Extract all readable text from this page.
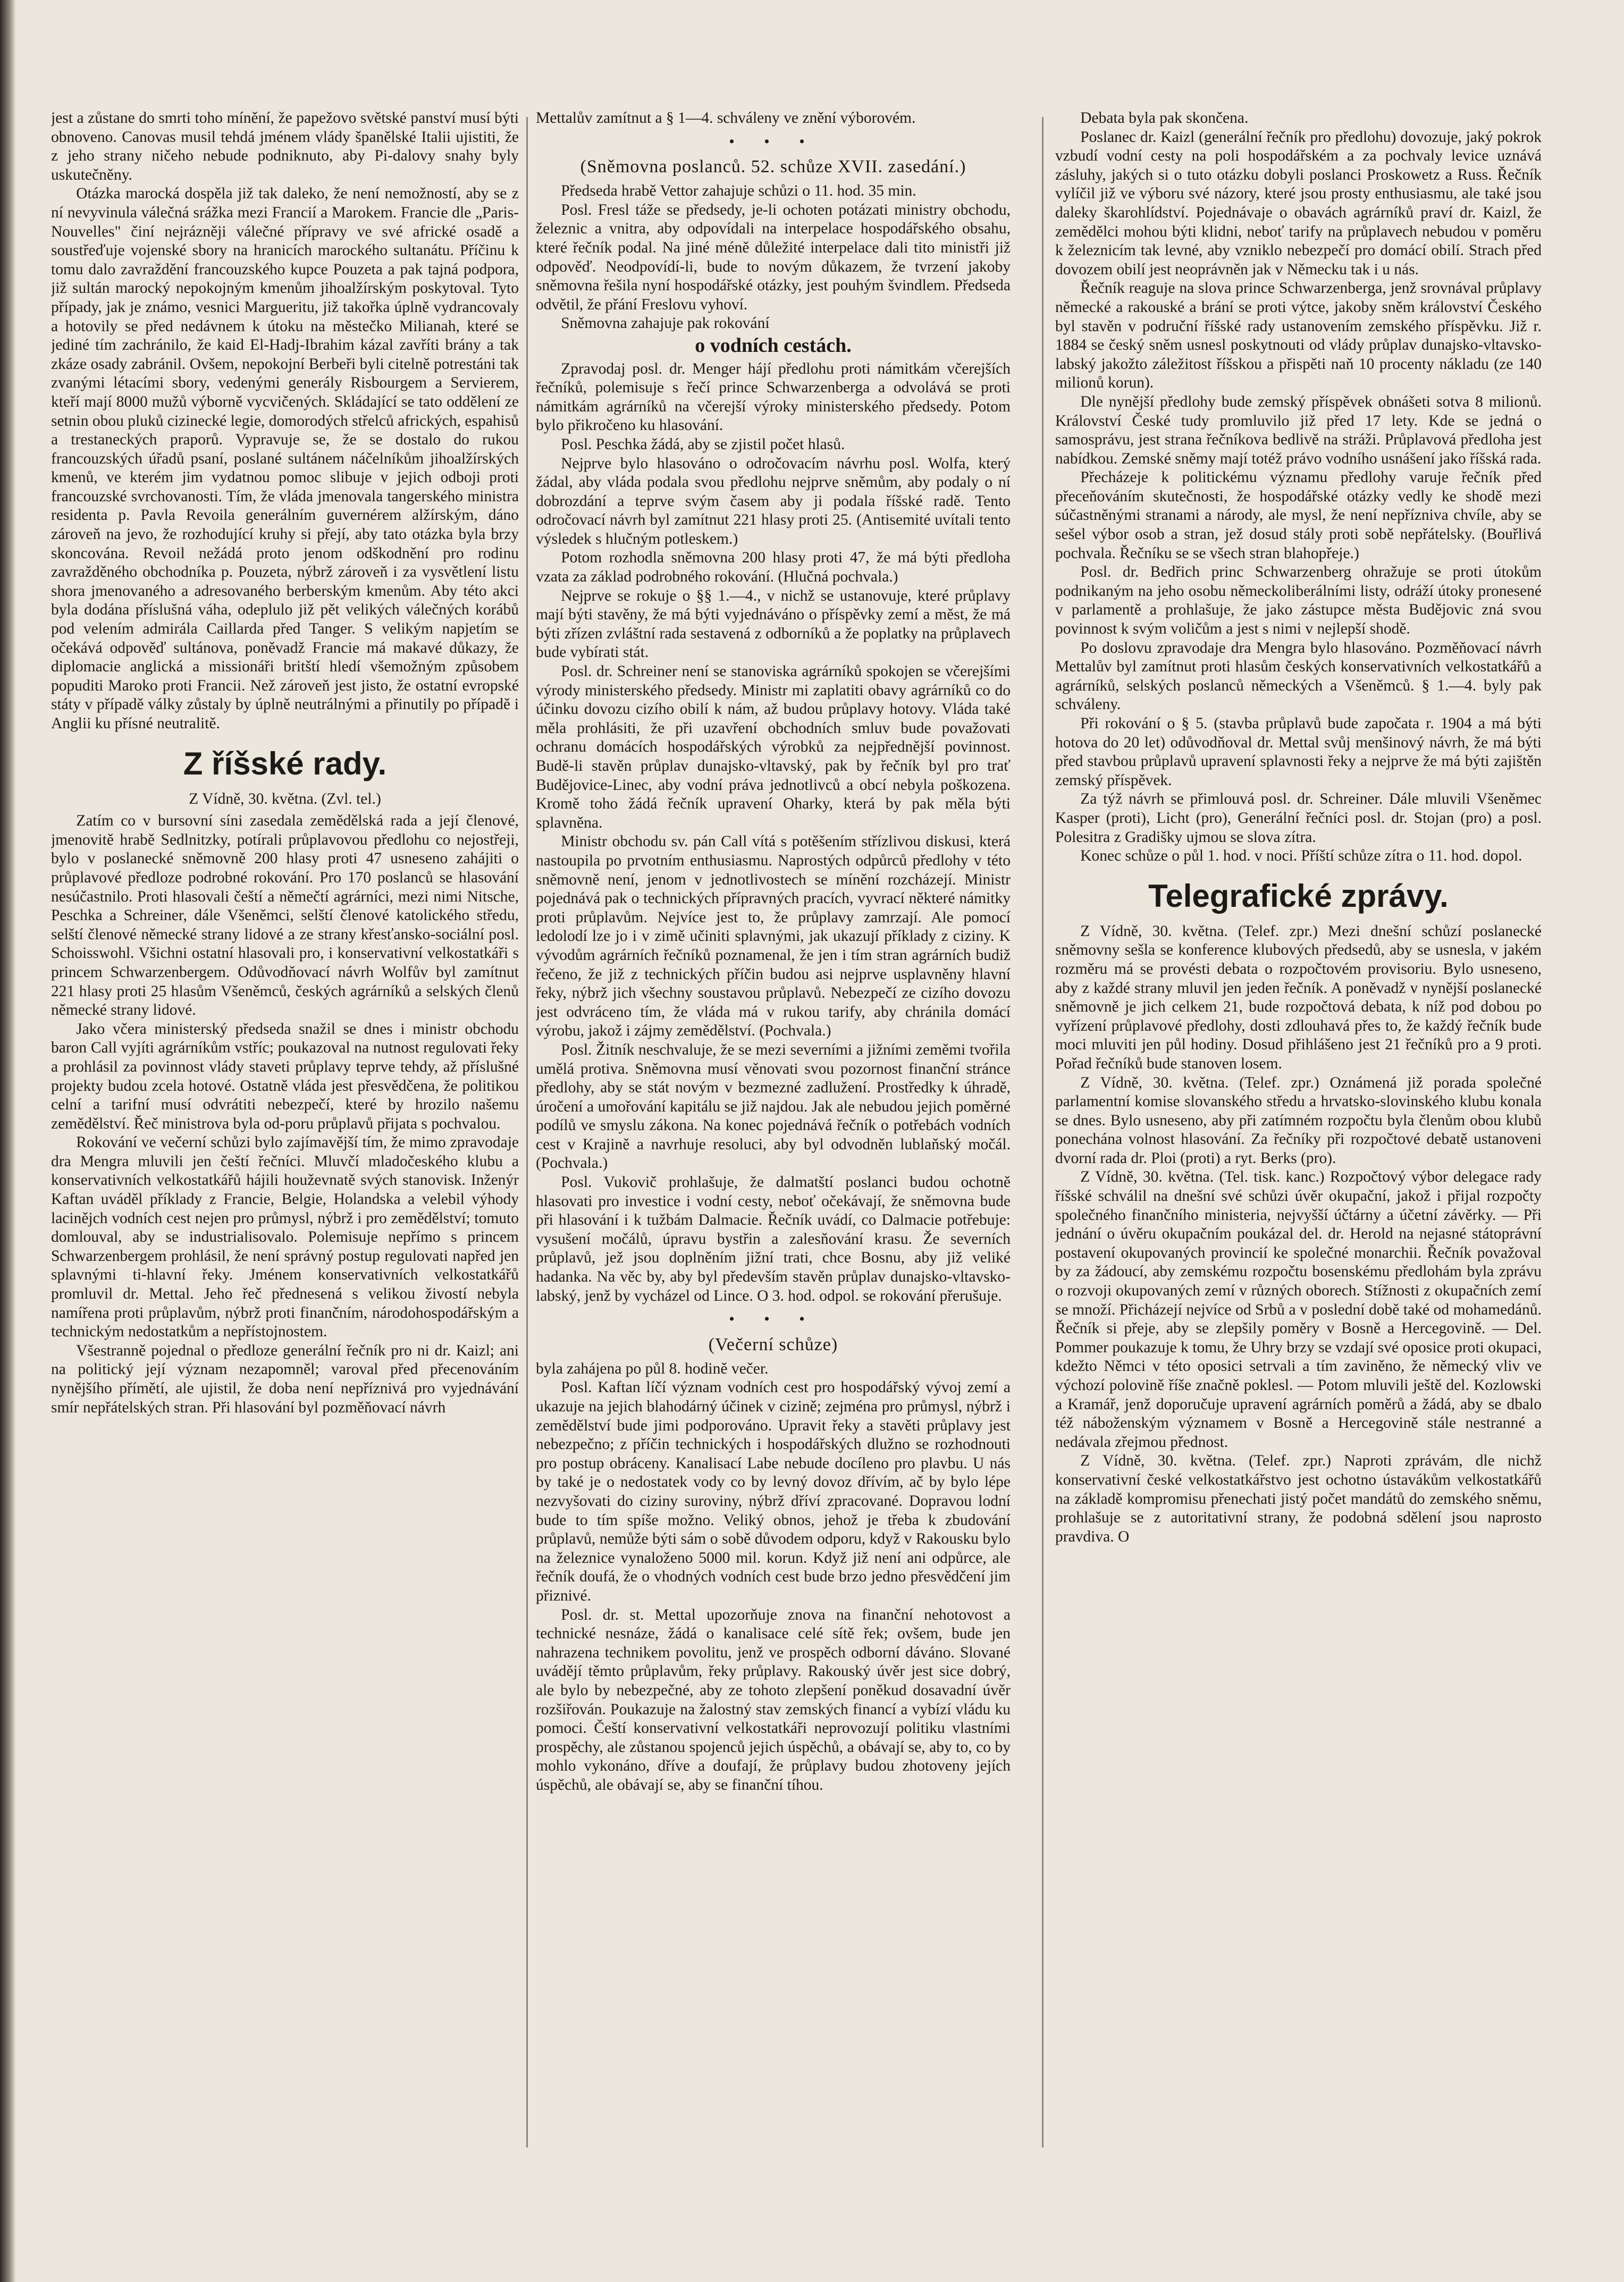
jest a zůstane do smrti toho mínění, že papežovo světské panství musí býti obnoveno. Canovas musil tehdá jménem vlády španělské Italii ujistiti, že z jeho strany ničeho nebude podniknuto, aby Pi-dalovy snahy byly uskutečněny.

Otázka marocká dospěla již tak daleko, že není nemožností, aby se z ní nevyvinula válečná srážka mezi Francií a Marokem. Francie dle „Paris-Nouvelles" činí nejrázněji válečné přípravy ve své africké osadě a soustřeďuje vojenské sbory na hranicích marockého sultanátu. Příčinu k tomu dalo zavraždění francouzského kupce Pouzeta a pak tajná podpora, již sultán marocký nepokojným kmenům jihoalžírským poskytoval. Tyto případy, jak je známo, vesnici Margueritu, již takořka úplně vydrancovaly a hotovily se před nedávnem k útoku na městečko Milianah, které se jediné tím zachránilo, že kaid El-Hadj-Ibrahim kázal zavříti brány a tak zkáze osady zabránil. Ovšem, nepokojní Berbeři byli citelně potrestáni tak zvanými létacími sbory, vedenými generály Risbourgem a Servierem, kteří mají 8000 mužů výborně vycvičených. Skládající se tato oddělení ze setnin obou pluků cizinecké legie, domorodých střelců afrických, espahisů a trestaneckých praporů. Vypravuje se, že se dostalo do rukou francouzských úřadů psaní, poslané sultánem náčelníkům jihoalžírských kmenů, ve kterém jim vydatnou pomoc slibuje v jejich odboji proti francouzské svrchovanosti. Tím, že vláda jmenovala tangerského ministra residenta p. Pavla Revoila generálním guvernérem alžírským, dáno zároveň na jevo, že rozhodující kruhy si přejí, aby tato otázka byla brzy skoncována. Revoil nežádá proto jenom odškodnění pro rodinu zavražděného obchodníka p. Pouzeta, nýbrž zároveň i za vysvětlení listu shora jmenovaného a adresovaného berberským kmenům. Aby této akci byla dodána příslušná váha, odeplulo již pět velikých válečných korábů pod velením admirála Caillarda před Tanger. S velikým napjetím se očekává odpověď sultánova, poněvadž Francie má makavé důkazy, že diplomacie anglická a missionáři britští hledí všemožným způsobem popuditi Maroko proti Francii. Než zároveň jest jisto, že ostatní evropské státy v případě války zůstaly by úplně neutrálnými a přinutily po případě i Anglii ku přísné neutralitě.

Z říšské rady.
Z Vídně, 30. května. (Zvl. tel.)

Zatím co v bursovní síni zasedala zemědělská rada a její členové, jmenovitě hrabě Sedlnitzky, potírali průplavovou předlohu co nejostřeji, bylo v poslanecké sněmovně 200 hlasy proti 47 usneseno zahájiti o průplavové předloze podrobné rokování. Pro 170 poslanců se hlasování nesúčastnilo. Proti hlasovali čeští a němečtí agrárníci, mezi nimi Nitsche, Peschka a Schreiner, dále Všeněmci, selští členové katolického středu, selští členové německé strany lidové a ze strany křesťansko-sociální posl. Schoisswohl. Všichni ostatní hlasovali pro, i konservativní velkostatkáři s princem Schwarzenbergem. Odůvodňovací návrh Wolfův byl zamítnut 221 hlasy proti 25 hlasům Všeněmců, českých agrárníků a selských členů německé strany lidové.

Jako včera ministerský předseda snažil se dnes i ministr obchodu baron Call vyjíti agrárníkům vstříc; poukazoval na nutnost regulovati řeky a prohlásil za povinnost vlády staveti průplavy teprve tehdy, až příslušné projekty budou zcela hotové. Ostatně vláda jest přesvědčena, že politikou celní a tarifní musí odvrátiti nebezpečí, které by hrozilo našemu zemědělství. Řeč ministrova byla od-poru průplavů přijata s pochvalou.

Rokování ve večerní schůzi bylo zajímavější tím, že mimo zpravodaje dra Mengra mluvili jen čeští řečníci. Mluvčí mladočeského klubu a konservativních velkostatkářů hájili houževnatě svých stanovisk. Inženýr Kaftan uváděl příklady z Francie, Belgie, Holandska a velebil výhody lacinějch vodních cest nejen pro průmysl, nýbrž i pro zemědělství; tomuto domlouval, aby se industrialisovalo. Polemisuje nepřímo s princem Schwarzenbergem prohlásil, že není správný postup regulovati napřed jen splavnými ti-hlavní řeky. Jménem konservativních velkostatkářů promluvil dr. Mettal. Jeho řeč přednesená s velikou živostí nebyla namířena proti průplavům, nýbrž proti finančním, národohospodářským a technickým nedostatkům a nepřístojnostem.

Všestranně pojednal o předloze generální řečník pro ni dr. Kaizl; ani na politický její význam nezapomněl; varoval před přecenováním nynějšího přímětí, ale ujistil, že doba není nepříznivá pro vyjednávání smír nepřátelských stran. Při hlasování byl pozměňovací návrh

Mettalův zamítnut a § 1—4. schváleny ve znění výborovém.

• • •
(Sněmovna poslanců. 52. schůze XVII. zasedání.)

Předseda hrabě Vettor zahajuje schůzi o 11. hod. 35 min.

Posl. Fresl táže se předsedy, je-li ochoten potázati ministry obchodu, železnic a vnitra, aby odpovídali na interpelace hospodářského obsahu, které řečník podal. Na jiné méně důležité interpelace dali tito ministři již odpověď. Neodpovídí-li, bude to novým důkazem, že tvrzení jakoby sněmovna řešila nyní hospodářské otázky, jest pouhým švindlem. Předseda odvětil, že přání Freslovu vyhoví.

Sněmovna zahajuje pak rokování

o vodních cestách.

Zpravodaj posl. dr. Menger hájí předlohu proti námitkám včerejších řečníků, polemisuje s řečí prince Schwarzenberga a odvolává se proti námitkám agrárníků na včerejší výroky ministerského předsedy. Potom bylo přikročeno ku hlasování.

Posl. Peschka žádá, aby se zjistil počet hlasů.

Nejprve bylo hlasováno o odročovacím návrhu posl. Wolfa, který žádal, aby vláda podala svou předlohu nejprve sněmům, aby podaly o ní dobrozdání a teprve svým časem aby ji podala říšské radě. Tento odročovací návrh byl zamítnut 221 hlasy proti 25. (Antisemité uvítali tento výsledek s hlučným potleskem.)

Potom rozhodla sněmovna 200 hlasy proti 47, že má býti předloha vzata za základ podrobného rokování. (Hlučná pochvala.)

Nejprve se rokuje o §§ 1.—4., v nichž se ustanovuje, které průplavy mají býti stavěny, že má býti vyjednáváno o příspěvky zemí a měst, že má býti zřízen zvláštní rada sestavená z odborníků a že poplatky na průplavech bude vybírati stát.

Posl. dr. Schreiner není se stanoviska agrárníků spokojen se včerejšími výrody ministerského předsedy. Ministr mi zaplatiti obavy agrárníků co do účinku dovozu cizího obilí k nám, až budou průplavy hotovy. Vláda také měla prohlásiti, že při uzavření obchodních smluv bude považovati ochranu domácích hospodářských výrobků za nejpřednější povinnost. Budě-li stavěn průplav dunajsko-vltavský, pak by řečník byl pro trať Budějovice-Linec, aby vodní práva jednotlivců a obcí nebyla poškozena. Kromě toho žádá řečník upravení Oharky, která by pak měla býti splavněna.

Ministr obchodu sv. pán Call vítá s potěšením střízlivou diskusi, která nastoupila po prvotním enthusiasmu. Naprostých odpůrců předlohy v této sněmovně není, jenom v jednotlivostech se mínění rozcházejí. Ministr pojednává pak o technických přípravných pracích, vyvrací některé námitky proti průplavům. Nejvíce jest to, že průplavy zamrzají. Ale pomocí ledolodí lze jo i v zimě učiniti splavnými, jak ukazují příklady z ciziny. K vývodům agrárních řečníků poznamenal, že jen i tím stran agrárních budiž řečeno, že již z technických příčin budou asi nejprve usplavněny hlavní řeky, nýbrž jich všechny soustavou průplavů. Nebezpečí ze cizího dovozu jest odvráceno tím, že vláda má v rukou tarify, aby chránila domácí výrobu, jakož i zájmy zemědělství. (Pochvala.)

Posl. Žitník neschvaluje, že se mezi severními a jižními zeměmi tvořila umělá protiva. Sněmovna musí věnovati svou pozornost finanční stránce předlohy, aby se stát novým v bezmezné zadlužení. Prostředky k úhradě, úročení a umořování kapitálu se již najdou. Jak ale nebudou jejich poměrné podílů ve smyslu zákona. Na konec pojednává řečník o potřebách vodních cest v Krajině a navrhuje resoluci, aby byl odvodněn lublaňský močál. (Pochvala.)

Posl. Vukovič prohlašuje, že dalmatští poslanci budou ochotně hlasovati pro investice i vodní cesty, neboť očekávají, že sněmovna bude při hlasování i k tužbám Dalmacie. Řečník uvádí, co Dalmacie potřebuje: vysušení močálů, úpravu bystřin a zalesňování krasu. Že severních průplavů, jež jsou doplněním jižní trati, chce Bosnu, aby již veliké hadanka. Na věc by, aby byl především stavěn průplav dunajsko-vltavsko-labský, jenž by vycházel od Lince. O 3. hod. odpol. se rokování přerušuje.

• • •
(Večerní schůze)

byla zahájena po půl 8. hodině večer.

Posl. Kaftan líčí význam vodních cest pro hospodářský vývoj zemí a ukazuje na jejich blahodárný účinek v cizině; zejména pro průmysl, nýbrž i zemědělství bude jimi podporováno. Upravit řeky a stavěti průplavy jest nebezpečno; z příčin technických i hospodářských dlužno se rozhodnouti pro postup obráceny. Kanalisací Labe nebude docíleno pro plavbu. U nás by také je o nedostatek vody co by levný dovoz dřívím, ač by bylo lépe nezvyšovati do ciziny suroviny, nýbrž dříví zpracované. Dopravou lodní bude to tím spíše možno. Veliký obnos, jehož je třeba k zbudování průplavů, nemůže býti sám o sobě důvodem odporu, když v Rakousku bylo na železnice vynaloženo 5000 mil. korun. Když již není ani odpůrce, ale řečník doufá, že o vhodných vodních cest bude brzo jedno přesvědčení jim přiznivé.

Posl. dr. st. Mettal upozorňuje znova na finanční nehotovost a technické nesnáze, žádá o kanalisace celé sítě řek; ovšem, bude jen nahrazena technikem povolitu, jenž ve prospěch odborní dáváno. Slované uvádějí těmto průplavům, řeky průplavy. Rakouský úvěr jest sice dobrý, ale bylo by nebezpečné, aby ze tohoto zlepšení poněkud dosavadní úvěr rozšiřován. Poukazuje na žalostný stav zemských financí a vybízí vládu ku pomoci. Čeští konservativní velkostatkáři neprovozují politiku vlastními prospěchy, ale zůstanou spojenců jejich úspěchů, a obávají se, aby to, co by mohlo vykonáno, dříve a doufají, že průplavy budou zhotoveny jejích úspěchů, ale obávají se, aby se finanční tíhou.

Debata byla pak skončena.

Poslanec dr. Kaizl (generální řečník pro předlohu) dovozuje, jaký pokrok vzbudí vodní cesty na poli hospodářském a za pochvaly levice uznává zásluhy, jakých si o tuto otázku dobyli poslanci Proskowetz a Russ. Řečník vylíčil již ve výboru své názory, které jsou prosty enthusiasmu, ale také jsou daleky škarohlídství. Pojednávaje o obavách agrárníků praví dr. Kaizl, že zemědělci mohou býti klidni, neboť tarify na průplavech nebudou v poměru k železnicím tak levné, aby vzniklo nebezpečí pro domácí obilí. Strach před dovozem obilí jest neoprávněn jak v Německu tak i u nás.

Řečník reaguje na slova prince Schwarzenberga, jenž srovnával průplavy německé a rakouské a brání se proti výtce, jakoby sněm království Českého byl stavěn v područní říšské rady ustanovením zemského příspěvku. Již r. 1884 se český sněm usnesl poskytnouti od vlády průplav dunajsko-vltavsko-labský jakožto záležitost říšskou a přispěti naň 10 procenty nákladu (ze 140 milionů korun).

Dle nynější předlohy bude zemský příspěvek obnášeti sotva 8 milionů. Království České tudy promluvilo již před 17 lety. Kde se jedná o samosprávu, jest strana řečníkova bedlivě na stráži. Průplavová předloha jest nabídkou. Zemské sněmy mají totéž právo vodního usnášení jako říšská rada.

Přecházeje k politickému významu předlohy varuje řečník před přeceňováním skutečnosti, že hospodářské otázky vedly ke shodě mezi súčastněnými stranami a národy, ale mysl, že není nepřízniva chvíle, aby se sešel výbor osob a stran, jež dosud stály proti sobě nepřátelsky. (Bouřlivá pochvala. Řečníku se se všech stran blahopřeje.)

Posl. dr. Bedřich princ Schwarzenberg ohražuje se proti útokům podnikaným na jeho osobu německoliberálními listy, odráží útoky pronesené v parlamentě a prohlašuje, že jako zástupce města Budějovic zná svou povinnost k svým voličům a jest s nimi v nejlepší shodě.

Po doslovu zpravodaje dra Mengra bylo hlasováno. Pozměňovací návrh Mettalův byl zamítnut proti hlasům českých konservativních velkostatkářů a agrárníků, selských poslanců německých a Všeněmců. § 1.—4. byly pak schváleny.

Při rokování o § 5. (stavba průplavů bude započata r. 1904 a má býti hotova do 20 let) odůvodňoval dr. Mettal svůj menšinový návrh, že má býti před stavbou průplavů upravení splavnosti řeky a nejprve že má býti zajištěn zemský příspěvek.

Za týž návrh se přimlouvá posl. dr. Schreiner. Dále mluvili Všeněmec Kasper (proti), Licht (pro), Generální řečníci posl. dr. Stojan (pro) a posl. Polesitra z Gradišky ujmou se slova zítra.

Konec schůze o půl 1. hod. v noci. Příští schůze zítra o 11. hod. dopol.

Telegrafické zprávy.

Z Vídně, 30. května. (Telef. zpr.) Mezi dnešní schůzí poslanecké sněmovny sešla se konference klubových předsedů, aby se usnesla, v jakém rozměru má se provésti debata o rozpočtovém provisoriu. Bylo usneseno, aby z každé strany mluvil jen jeden řečník. A poněvadž v nynější poslanecké sněmovně je jich celkem 21, bude rozpočtová debata, k níž pod dobou po vyřízení průplavové předlohy, dosti zdlouhavá přes to, že každý řečník bude moci mluviti jen půl hodiny. Dosud přihlášeno jest 21 řečníků pro a 9 proti. Pořad řečníků bude stanoven losem.

Z Vídně, 30. května. (Telef. zpr.) Oznámená již porada společné parlamentní komise slovanského středu a hrvatsko-slovinského klubu konala se dnes. Bylo usneseno, aby při zatímném rozpočtu byla členům obou klubů ponechána volnost hlasování. Za řečníky při rozpočtové debatě ustanoveni dvorní rada dr. Ploi (proti) a ryt. Berks (pro).

Z Vídně, 30. května. (Tel. tisk. kanc.) Rozpočtový výbor delegace rady říšské schválil na dnešní své schůzi úvěr okupační, jakož i přijal rozpočty společného finančního ministeria, nejvyšší účtárny a účetní závěrky. — Při jednání o úvěru okupačním poukázal del. dr. Herold na nejasné státoprávní postavení okupovaných provincií ke společné monarchii. Řečník považoval by za žádoucí, aby zemskému rozpočtu bosenskému předlohám byla zprávu o rozvoji okupovaných zemí v různých oborech. Stížnosti z okupačních zemí se množí. Přicházejí nejvíce od Srbů a v poslední době také od mohamedánů. Řečník si přeje, aby se zlepšily poměry v Bosně a Hercegovině. — Del. Pommer poukazuje k tomu, že Uhry brzy se vzdají své oposice proti okupaci, kdežto Němci v této oposici setrvali a tím zaviněno, že německý vliv ve výchozí polovině říše značně poklesl. — Potom mluvili ještě del. Kozlowski a Kramář, jenž doporučuje upravení agrárních poměrů a žádá, aby se dbalo též náboženským významem v Bosně a Hercegovině stále nestranné a nedávala zřejmou přednost.

Z Vídně, 30. května. (Telef. zpr.) Naproti zprávám, dle nichž konservativní české velkostatkářstvo jest ochotno ústavákům velkostatkářů na základě kompromisu přenechati jistý počet mandátů do zemského sněmu, prohlašuje se z autoritativní strany, že podobná sdělení jsou naprosto pravdiva. O
